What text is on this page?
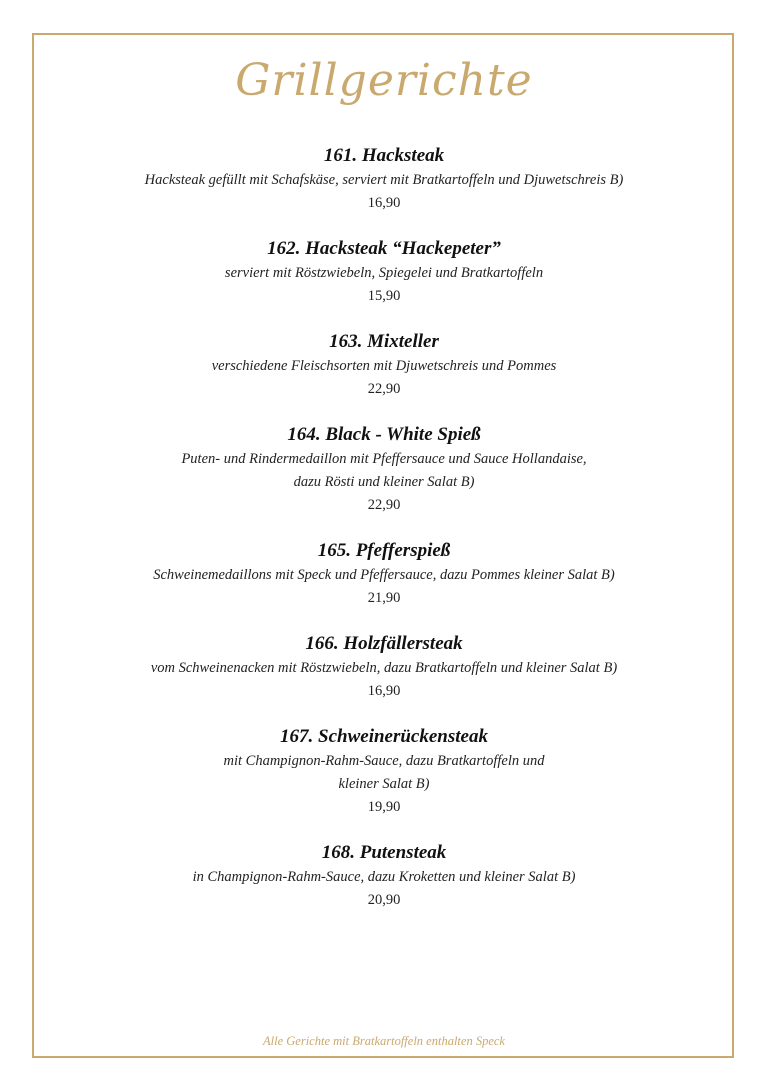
Grillgerichte
161. Hacksteak
Hacksteak gefüllt mit Schafskäse, serviert mit Bratkartoffeln und Djuwetschreis B)
16,90
162. Hacksteak “Hackepeter”
serviert mit Röstzwiebeln, Spiegelei und Bratkartoffeln
15,90
163. Mixteller
verschiedene Fleischsorten mit Djuwetschreis und Pommes
22,90
164. Black - White Spieß
Puten- und Rindermedaillon mit Pfeffersauce und Sauce Hollandaise,
dazu Rösti und kleiner Salat B)
22,90
165. Pfefferspieß
Schweinemedaillons mit Speck und Pfeffersauce, dazu Pommes kleiner Salat B)
21,90
166. Holzfällersteak
vom Schweinenacken mit Röstzwiebeln, dazu Bratkartoffeln und kleiner Salat B)
16,90
167. Schweinerückensteak
mit Champignon-Rahm-Sauce, dazu Bratkartoffeln und
kleiner Salat B)
19,90
168. Putensteak
in Champignon-Rahm-Sauce, dazu Kroketten und kleiner Salat B)
20,90
Alle Gerichte mit Bratkartoffeln enthalten Speck
